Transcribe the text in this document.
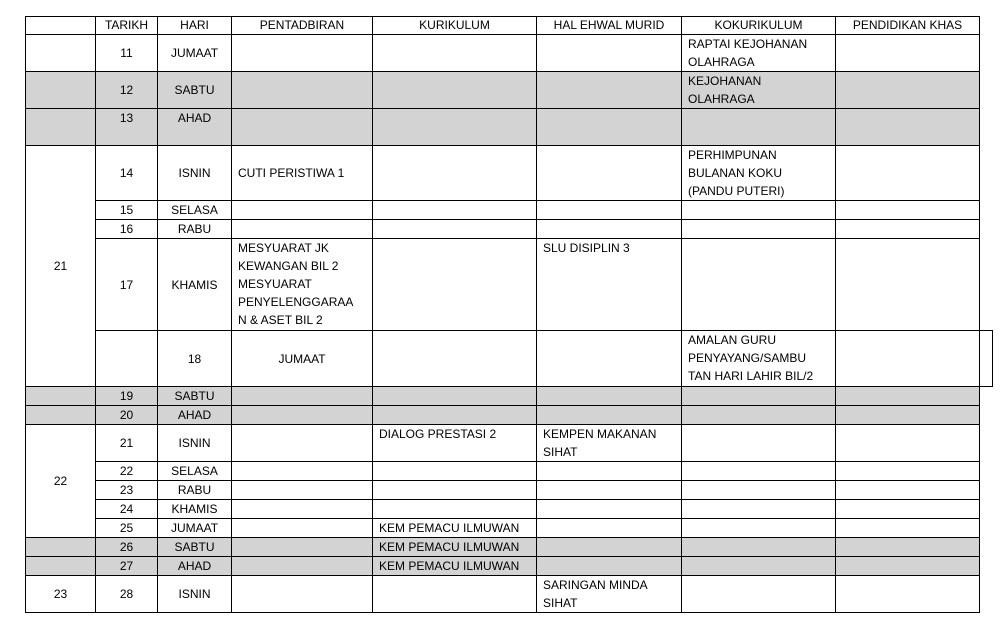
	TARIKH	HARI	PENTADBIRAN	KURIKULUM	HAL EHWAL MURID	KOKURIKULUM	PENDIDIKAN KHAS	
	11	JUMAAT				RAPTAI KEJOHANAN
OLAHRAGA		
	12	SABTU				KEJOHANAN
OLAHRAGA		
	13	AHAD						
21	14	ISNIN	CUTI PERISTIWA 1			PERHIMPUNAN
BULANAN KOKU
(PANDU PUTERI)		
	15	SELASA						
	16	RABU						
	17	KHAMIS	MESYUARAT JK
KEWANGAN BIL 2
MESYUARAT
PENYELENGGARAA
N & ASET BIL 2		SLU DISIPLIN 3			
		18	JUMAAT			AMALAN GURU
PENYAYANG/SAMBU
TAN HARI LAHIR BIL/2		
	19	SABTU						
	20	AHAD						
22	21	ISNIN		DIALOG PRESTASI 2	KEMPEN MAKANAN
SIHAT			
	22	SELASA						
	23	RABU						
	24	KHAMIS						
	25	JUMAAT		KEM PEMACU ILMUWAN				
	26	SABTU		KEM PEMACU ILMUWAN				
	27	AHAD		KEM PEMACU ILMUWAN				
23	28	ISNIN			SARINGAN MINDA
SIHAT			
